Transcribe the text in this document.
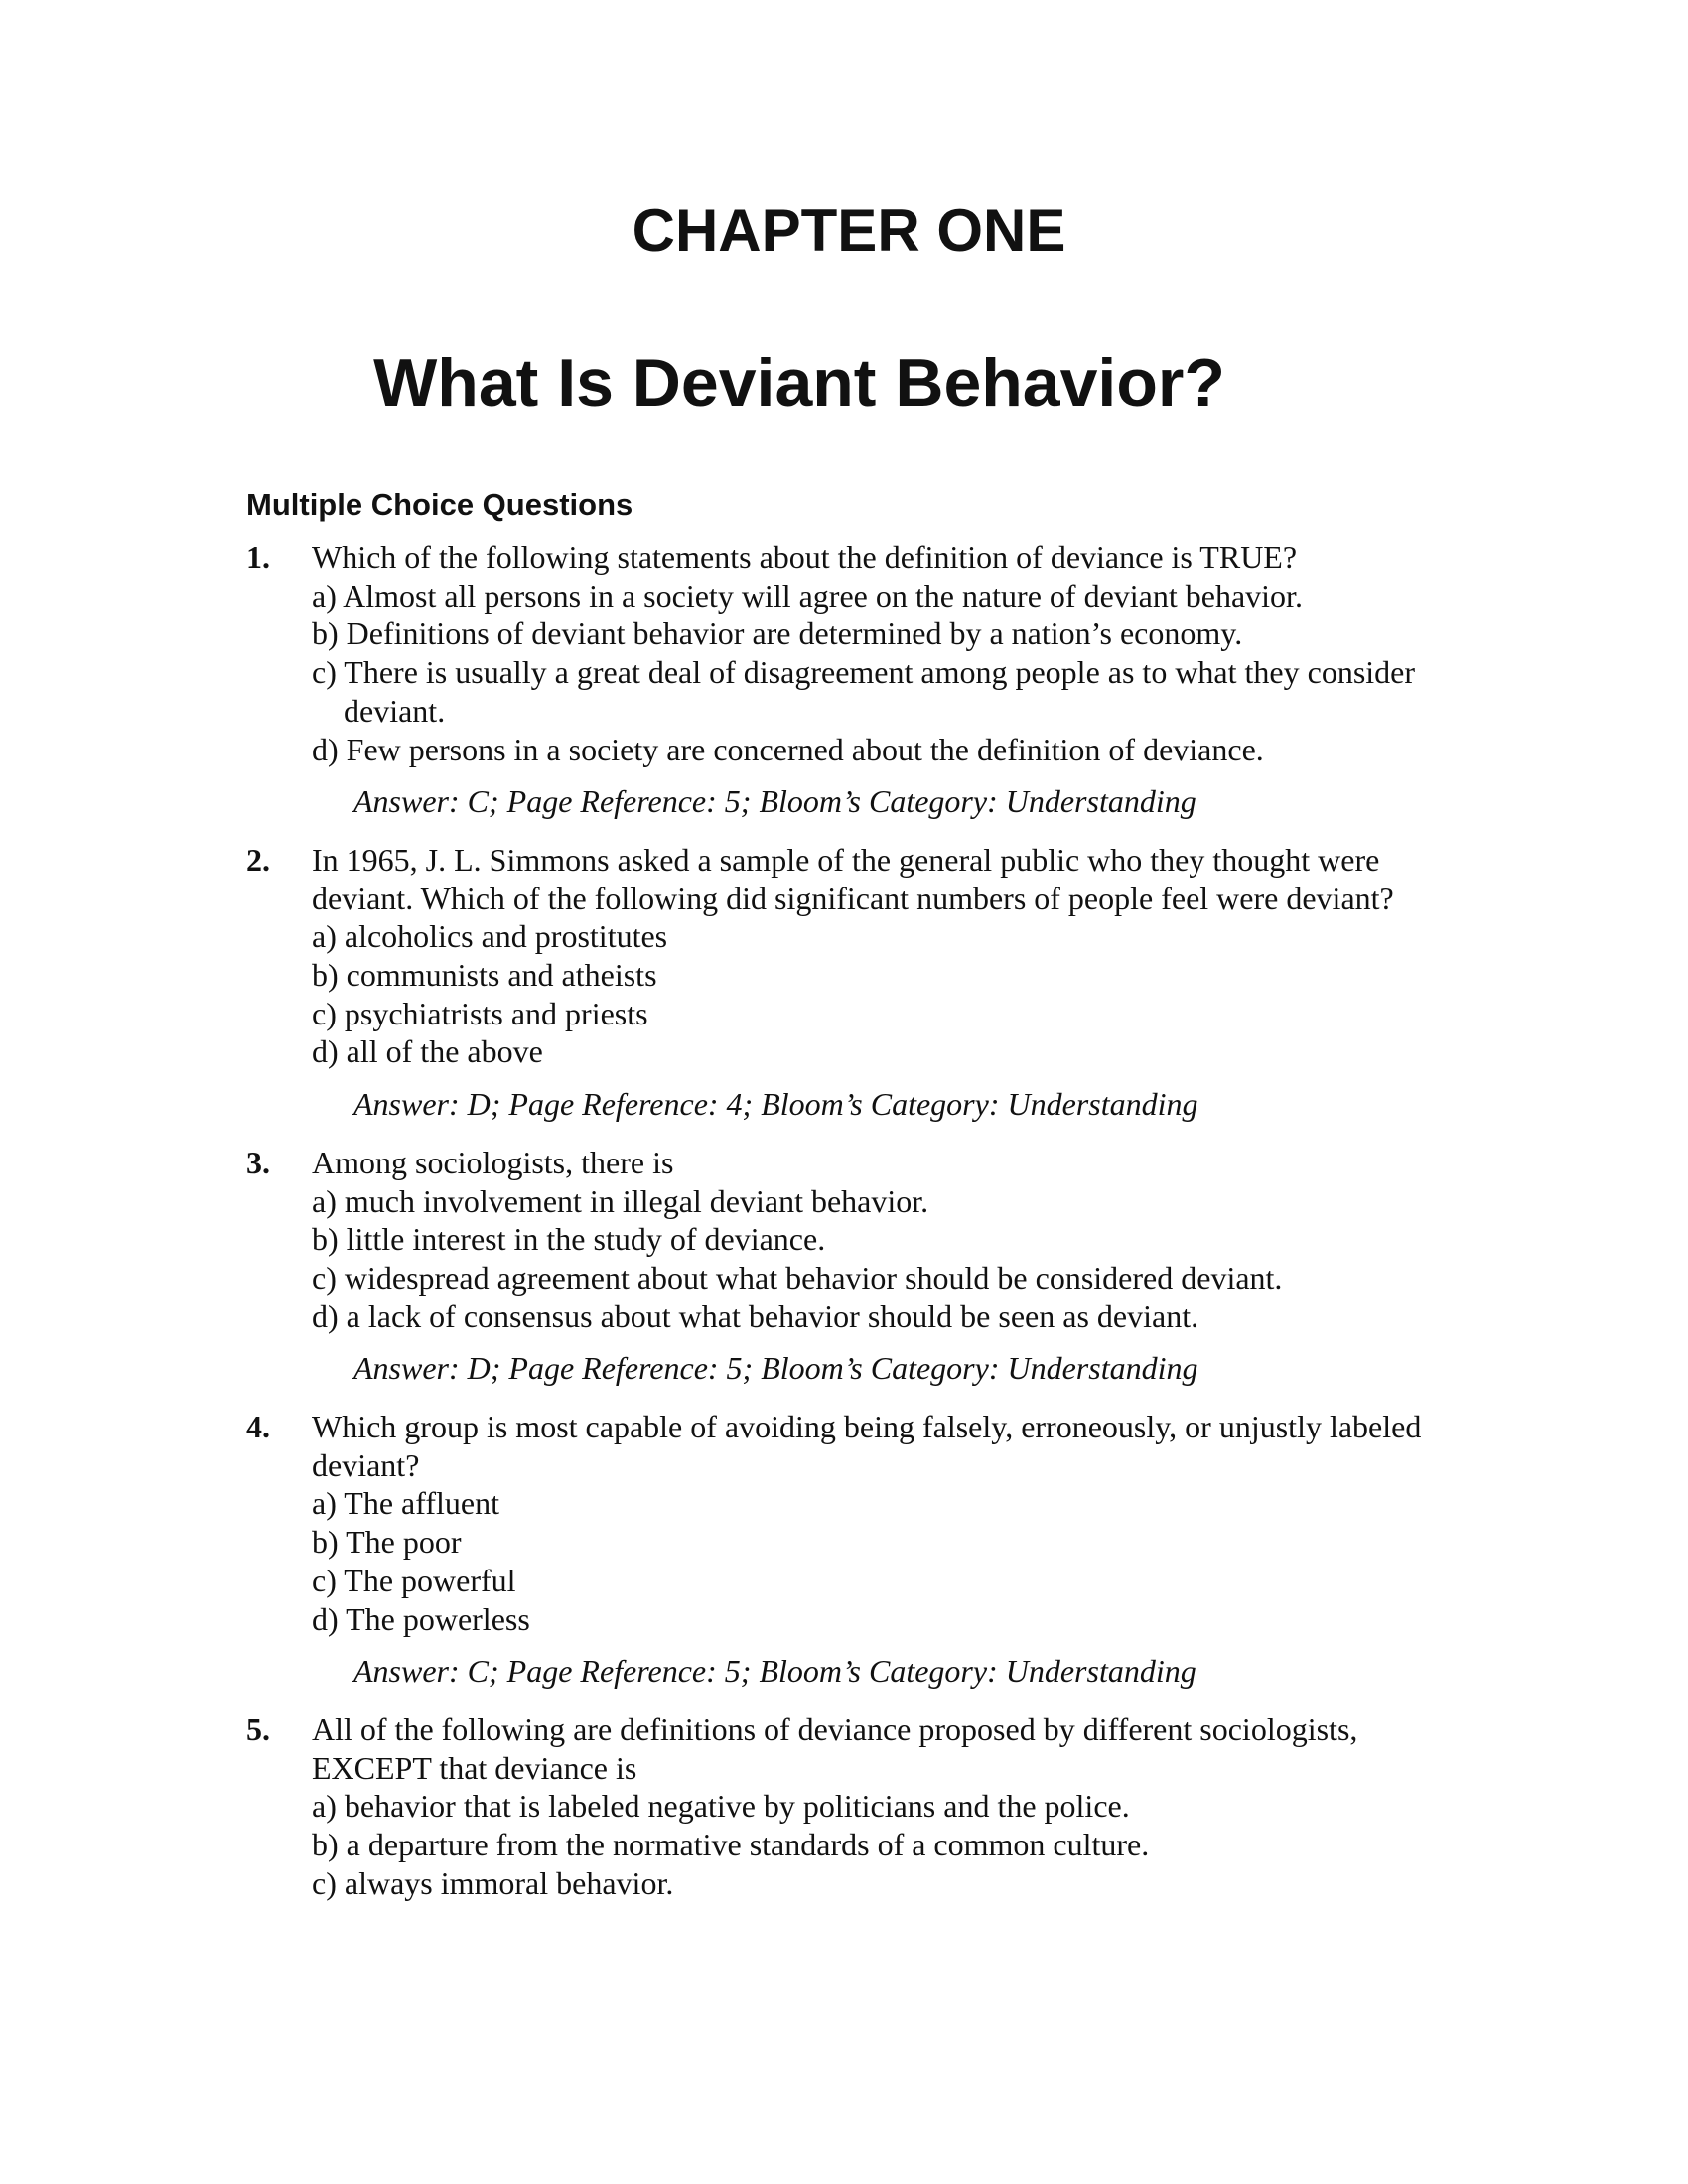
CHAPTER ONE
What Is Deviant Behavior?
Multiple Choice Questions
1. Which of the following statements about the definition of deviance is TRUE?
a) Almost all persons in a society will agree on the nature of deviant behavior.
b) Definitions of deviant behavior are determined by a nation’s economy.
c) There is usually a great deal of disagreement among people as to what they consider deviant.
d) Few persons in a society are concerned about the definition of deviance.
Answer: C; Page Reference: 5; Bloom’s Category: Understanding
2. In 1965, J. L. Simmons asked a sample of the general public who they thought were deviant. Which of the following did significant numbers of people feel were deviant?
a) alcoholics and prostitutes
b) communists and atheists
c) psychiatrists and priests
d) all of the above
Answer: D; Page Reference: 4; Bloom’s Category: Understanding
3. Among sociologists, there is
a) much involvement in illegal deviant behavior.
b) little interest in the study of deviance.
c) widespread agreement about what behavior should be considered deviant.
d) a lack of consensus about what behavior should be seen as deviant.
Answer: D; Page Reference: 5; Bloom’s Category: Understanding
4. Which group is most capable of avoiding being falsely, erroneously, or unjustly labeled deviant?
a) The affluent
b) The poor
c) The powerful
d) The powerless
Answer: C; Page Reference: 5; Bloom’s Category: Understanding
5. All of the following are definitions of deviance proposed by different sociologists, EXCEPT that deviance is
a) behavior that is labeled negative by politicians and the police.
b) a departure from the normative standards of a common culture.
c) always immoral behavior.
